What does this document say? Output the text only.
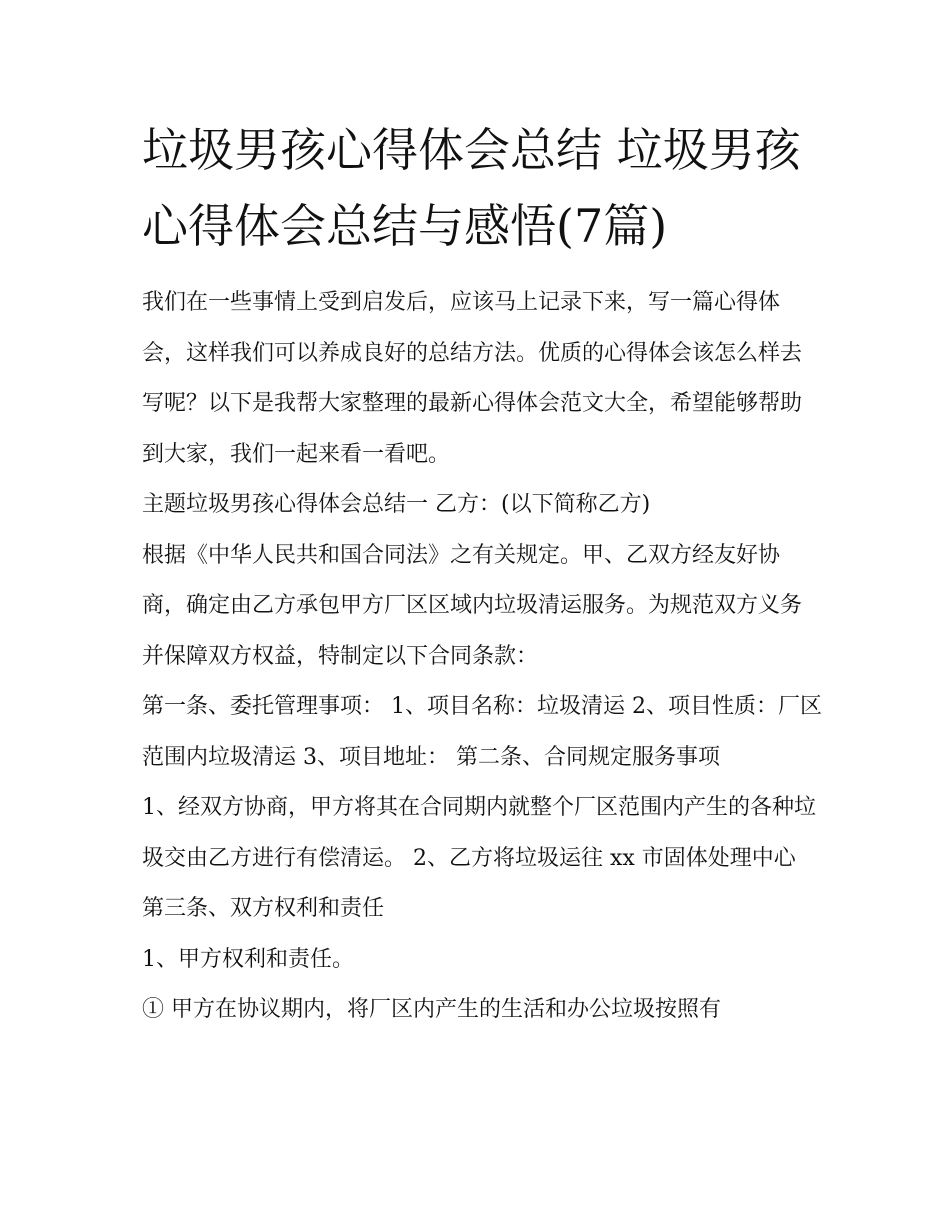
垃圾男孩心得体会总结 垃圾男孩心得体会总结与感悟(7篇)

我们在一些事情上受到启发后，应该马上记录下来，写一篇心得体会，这样我们可以养成良好的总结方法。优质的心得体会该怎么样去写呢？以下是我帮大家整理的最新心得体会范文大全，希望能够帮助到大家，我们一起来看一看吧。

主题垃圾男孩心得体会总结一 乙方：(以下简称乙方)

根据《中华人民共和国合同法》之有关规定。甲、乙双方经友好协商，确定由乙方承包甲方厂区区域内垃圾清运服务。为规范双方义务并保障双方权益，特制定以下合同条款：

第一条、委托管理事项： 1、项目名称：垃圾清运 2、项目性质：厂区范围内垃圾清运 3、项目地址： 第二条、合同规定服务事项

1、经双方协商，甲方将其在合同期内就整个厂区范围内产生的各种垃圾交由乙方进行有偿清运。 2、乙方将垃圾运往 xx 市固体处理中心 第三条、双方权利和责任

1、甲方权利和责任。

① 甲方在协议期内，将厂区内产生的生活和办公垃圾按照有
